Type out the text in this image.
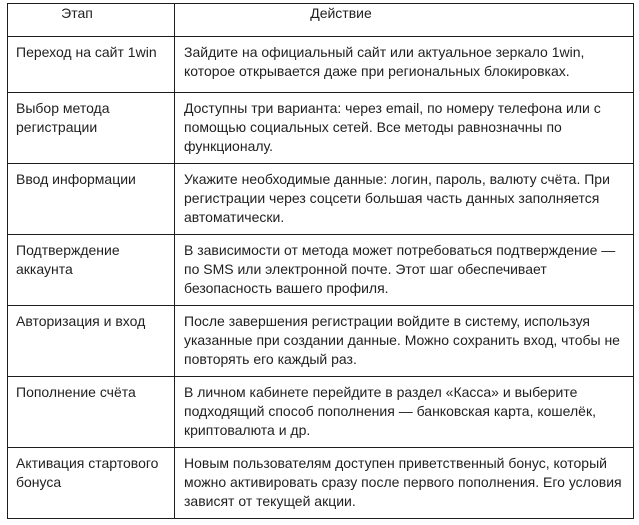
Этап	Действие
Переход на сайт 1win	Зайдите на официальный сайт или актуальное зеркало 1win, которое открывается даже при региональных блокировках.
Выбор метода регистрации	Доступны три варианта: через email, по номеру телефона или с помощью социальных сетей. Все методы равнозначны по функционалу.
Ввод информации	Укажите необходимые данные: логин, пароль, валюту счёта. При регистрации через соцсети большая часть данных заполняется автоматически.
Подтверждение аккаунта	В зависимости от метода может потребоваться подтверждение — по SMS или электронной почте. Этот шаг обеспечивает безопасность вашего профиля.
Авторизация и вход	После завершения регистрации войдите в систему, используя указанные при создании данные. Можно сохранить вход, чтобы не повторять его каждый раз.
Пополнение счёта	В личном кабинете перейдите в раздел «Касса» и выберите подходящий способ пополнения — банковская карта, кошелёк, криптовалюта и др.
Активация стартового бонуса	Новым пользователям доступен приветственный бонус, который можно активировать сразу после первого пополнения. Его условия зависят от текущей акции.
